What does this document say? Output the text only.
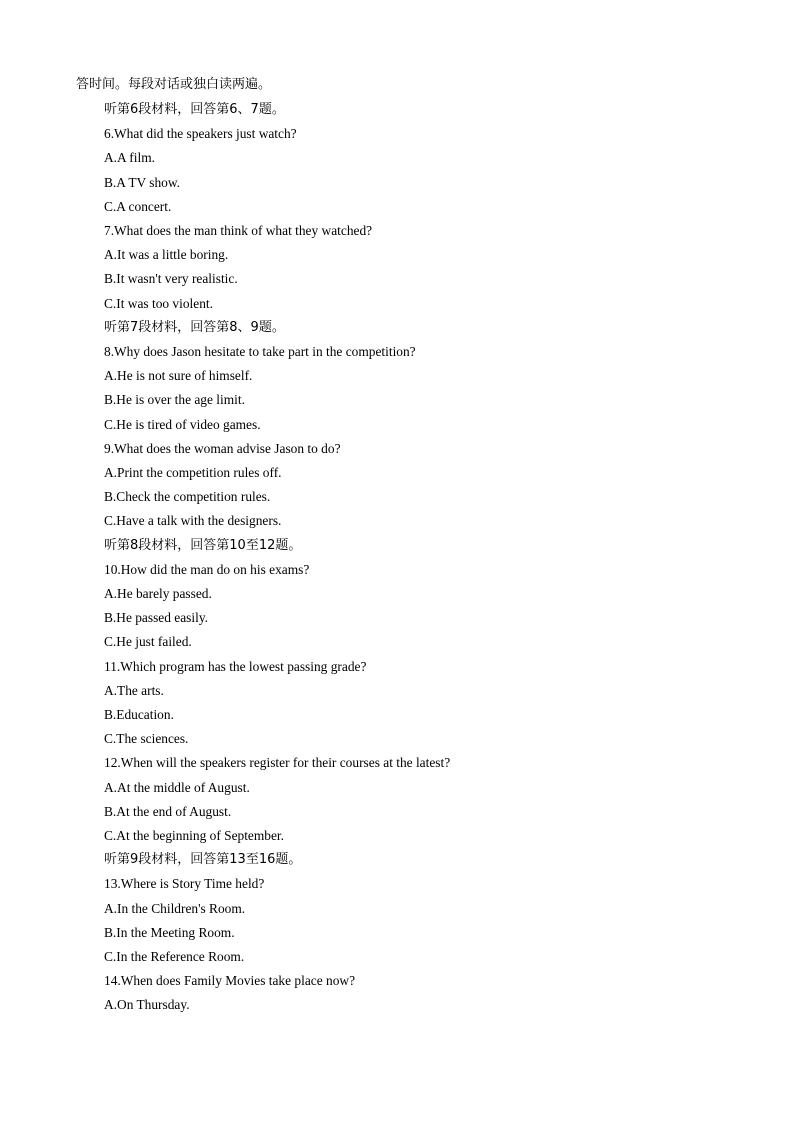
答时间。每段对话或独白读两遍。
听第6段材料，回答第6、7题。
6.What did the speakers just watch?
A.A film.
B.A TV show.
C.A concert.
7.What does the man think of what they watched?
A.It was a little boring.
B.It wasn't very realistic.
C.It was too violent.
听第7段材料，回答第8、9题。
8.Why does Jason hesitate to take part in the competition?
A.He is not sure of himself.
B.He is over the age limit.
C.He is tired of video games.
9.What does the woman advise Jason to do?
A.Print the competition rules off.
B.Check the competition rules.
C.Have a talk with the designers.
听第8段材料，回答第10至12题。
10.How did the man do on his exams?
A.He barely passed.
B.He passed easily.
C.He just failed.
11.Which program has the lowest passing grade?
A.The arts.
B.Education.
C.The sciences.
12.When will the speakers register for their courses at the latest?
A.At the middle of August.
B.At the end of August.
C.At the beginning of September.
听第9段材料，回答第13至16题。
13.Where is Story Time held?
A.In the Children's Room.
B.In the Meeting Room.
C.In the Reference Room.
14.When does Family Movies take place now?
A.On Thursday.
